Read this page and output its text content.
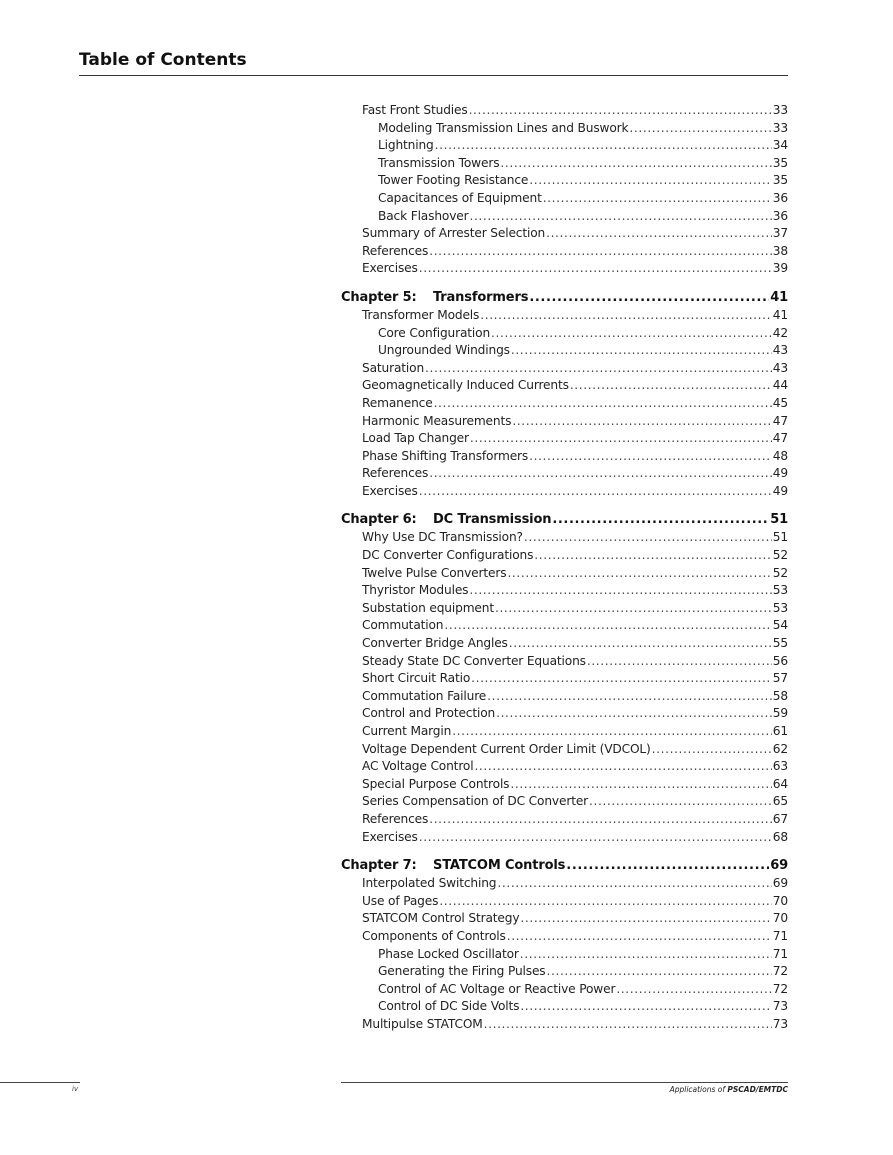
Table of Contents
Fast Front Studies .....	33
Modeling Transmission Lines and Buswork .....	33
Lightning .....	34
Transmission Towers .....	35
Tower Footing Resistance .....	35
Capacitances of Equipment .....	36
Back Flashover .....	36
Summary of Arrester Selection .....	37
References .....	38
Exercises .....	39
Chapter 5: Transformers .....	41
Transformer Models .....	41
Core Configuration .....	42
Ungrounded Windings .....	43
Saturation .....	43
Geomagnetically Induced Currents .....	44
Remanence .....	45
Harmonic Measurements .....	47
Load Tap Changer .....	47
Phase Shifting Transformers .....	48
References .....	49
Exercises .....	49
Chapter 6: DC Transmission .....	51
Why Use DC Transmission? .....	51
DC Converter Configurations .....	52
Twelve Pulse Converters .....	52
Thyristor Modules .....	53
Substation equipment .....	53
Commutation .....	54
Converter Bridge Angles .....	55
Steady State DC Converter Equations .....	56
Short Circuit Ratio .....	57
Commutation Failure .....	58
Control and Protection .....	59
Current Margin .....	61
Voltage Dependent Current Order Limit (VDCOL) .....	62
AC Voltage Control .....	63
Special Purpose Controls .....	64
Series Compensation of DC Converter .....	65
References .....	67
Exercises .....	68
Chapter 7: STATCOM Controls .....	69
Interpolated Switching .....	69
Use of Pages .....	70
STATCOM Control Strategy .....	70
Components of Controls .....	71
Phase Locked Oscillator .....	71
Generating the Firing Pulses .....	72
Control of AC Voltage or Reactive Power .....	72
Control of DC Side Volts .....	73
Multipulse STATCOM .....	73
iv	Applications of PSCAD/EMTDC
